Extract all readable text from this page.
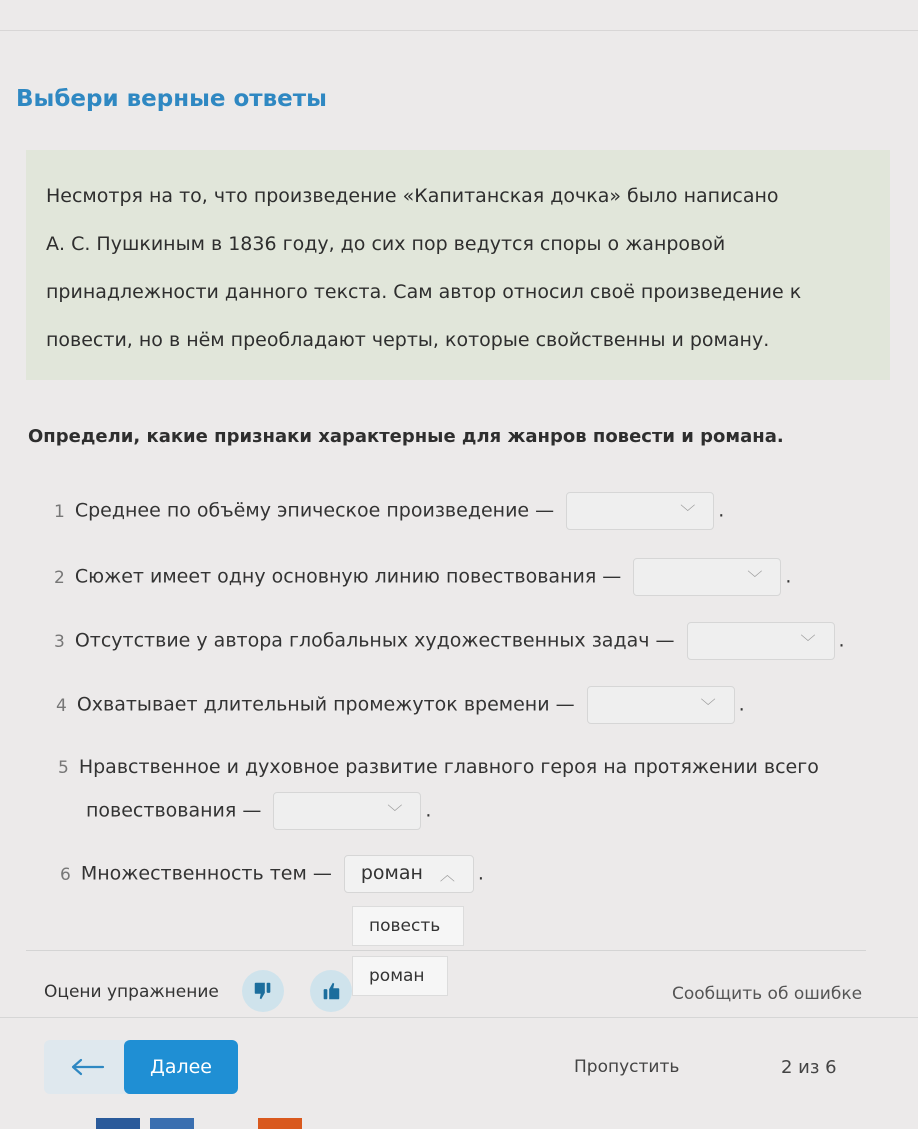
Выбери верные ответы
Несмотря на то, что произведение «Капитанская дочка» было написано
А. С. Пушкиным в 1836 году, до сих пор ведутся споры о жанровой
принадлежности данного текста. Сам автор относил своё произведение к
повести, но в нём преобладают черты, которые свойственны и роману.
Определи, какие признаки характерные для жанров повести и романа.
1 Среднее по объёму эпическое произведение —	﹀ .
2 Сюжет имеет одну основную линию повествования —	﹀ .
3 Отсутствие у автора глобальных художественных задач —	﹀ .
4 Охватывает длительный промежуток времени —	﹀ .
5 Нравственное и духовное развитие главного героя на протяжении всего
повествования —	﹀ .
6 Множественность тем — роман ︿ .
повесть
роман
Оцени упражнение	Сообщить об ошибке
Далее	Пропустить	2 из 6
